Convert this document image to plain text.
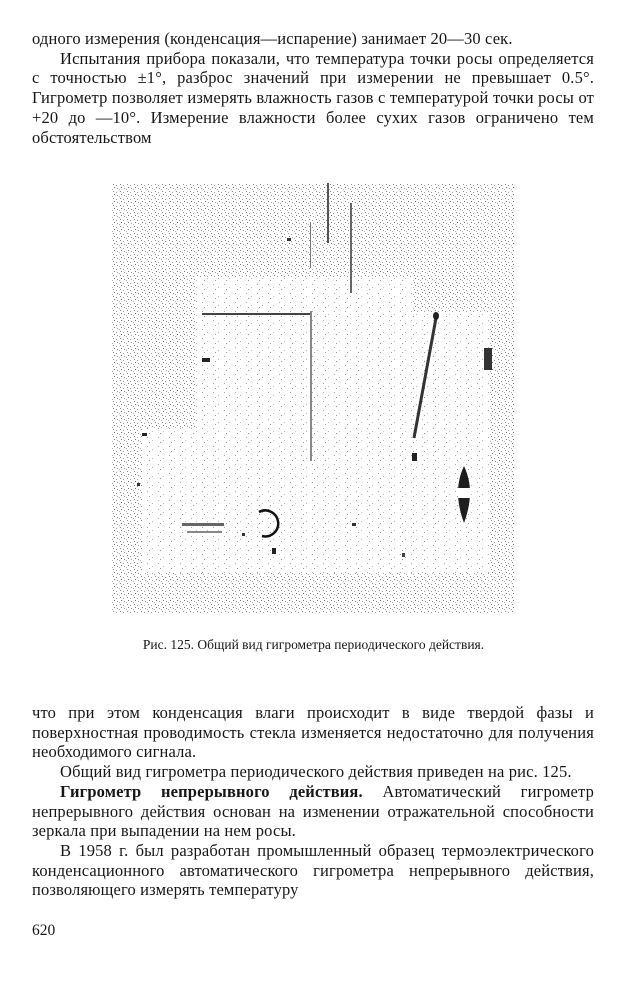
одного измерения (конденсация—испарение) занимает 20—30 сек.

Испытания прибора показали, что температура точки росы определяется с точностью ±1°, разброс значений при измерении не превышает 0.5°. Гигрометр позволяет измерять влажность газов с температурой точки росы от +20 до —10°. Измерение влажности более сухих газов ограничено тем обстоятельством

Рис. 125. Общий вид гигрометра периодического действия.

что при этом конденсация влаги происходит в виде твердой фазы и поверхностная проводимость стекла изменяется недостаточно для получения необходимого сигнала.

Общий вид гигрометра периодического действия приведен на рис. 125.

Гигрометр непрерывного действия. Автоматический гигрометр непрерывного действия основан на изменении отражательной способности зеркала при выпадении на нем росы.

В 1958 г. был разработан промышленный образец термоэлектрического конденсационного автоматического гигрометра непрерывного действия, позволяющего измерять температуру

620
